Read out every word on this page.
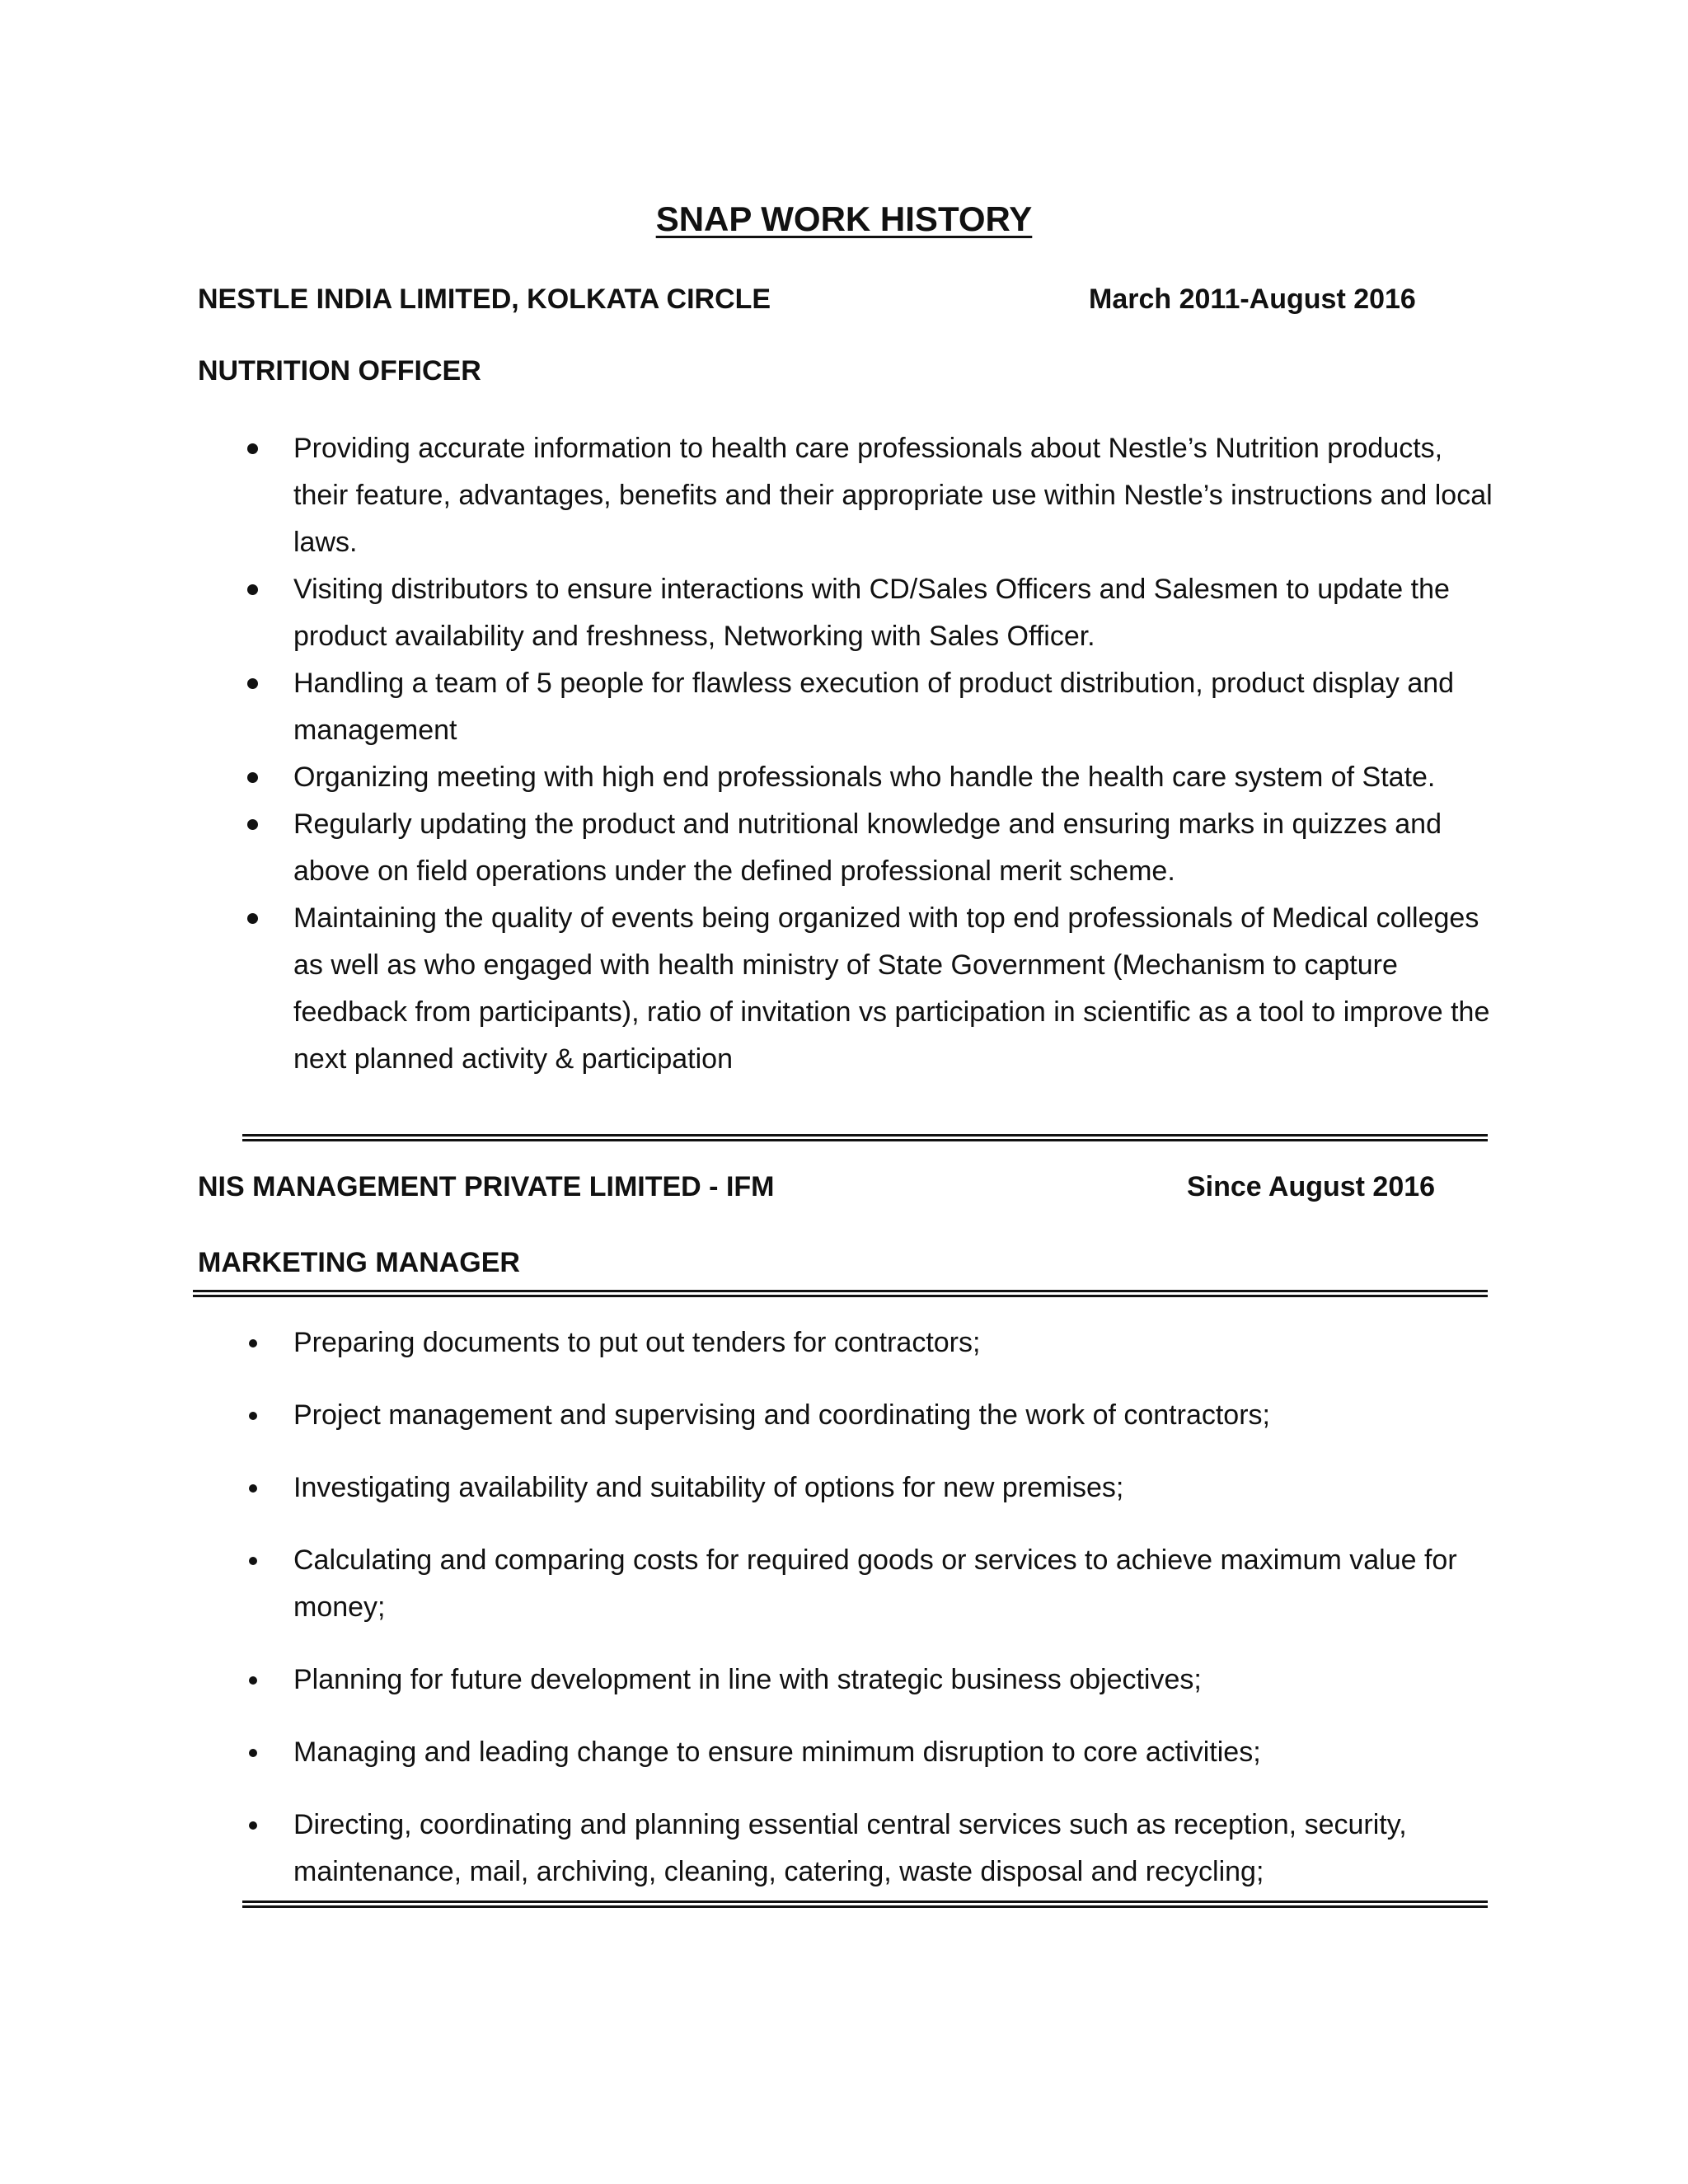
SNAP WORK HISTORY
NESTLE INDIA LIMITED, KOLKATA CIRCLE	March 2011-August 2016
NUTRITION OFFICER
Providing accurate information to health care professionals about Nestle’s Nutrition products, their feature, advantages, benefits and their appropriate use within Nestle’s instructions and local laws.
Visiting distributors to ensure interactions with CD/Sales Officers and Salesmen to update the product availability and freshness, Networking with Sales Officer.
Handling a team of 5 people for flawless execution of product distribution, product display and management
Organizing meeting with high end professionals who handle the health care system of State.
Regularly updating the product and nutritional knowledge and ensuring marks in quizzes and above on field operations under the defined professional merit scheme.
Maintaining the quality of events being organized with top end professionals of Medical colleges as well as who engaged with health ministry of State Government (Mechanism to capture feedback from participants), ratio of invitation vs participation in scientific as a tool to improve the next planned activity & participation
NIS MANAGEMENT PRIVATE LIMITED - IFM	Since August 2016
MARKETING MANAGER
Preparing documents to put out tenders for contractors;
Project management and supervising and coordinating the work of contractors;
Investigating availability and suitability of options for new premises;
Calculating and comparing costs for required goods or services to achieve maximum value for money;
Planning for future development in line with strategic business objectives;
Managing and leading change to ensure minimum disruption to core activities;
Directing, coordinating and planning essential central services such as reception, security, maintenance, mail, archiving, cleaning, catering, waste disposal and recycling;
